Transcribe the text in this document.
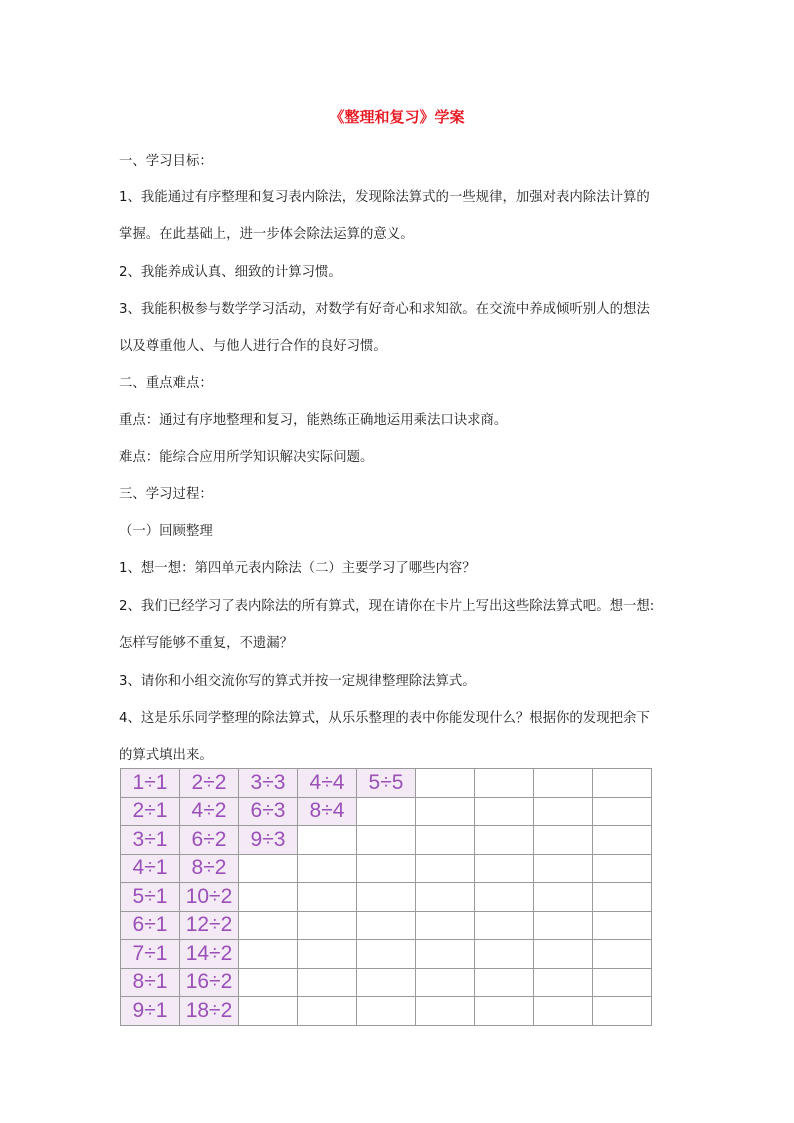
《整理和复习》学案
一、学习目标：
1、我能通过有序整理和复习表内除法，发现除法算式的一些规律，加强对表内除法计算的
掌握。在此基础上，进一步体会除法运算的意义。
2、我能养成认真、细致的计算习惯。
3、我能积极参与数学学习活动，对数学有好奇心和求知欲。在交流中养成倾听别人的想法
以及尊重他人、与他人进行合作的良好习惯。
二、重点难点：
重点：通过有序地整理和复习，能熟练正确地运用乘法口诀求商。
难点：能综合应用所学知识解决实际问题。
三、学习过程：
（一）回顾整理
1、想一想：第四单元表内除法（二）主要学习了哪些内容？
2、我们已经学习了表内除法的所有算式，现在请你在卡片上写出这些除法算式吧。想一想:
怎样写能够不重复，不遗漏？
3、请你和小组交流你写的算式并按一定规律整理除法算式。
4、这是乐乐同学整理的除法算式，从乐乐整理的表中你能发现什么？根据你的发现把余下
的算式填出来。
1÷1	2÷2	3÷3	4÷4	5÷5				
2÷1	4÷2	6÷3	8÷4					
3÷1	6÷2	9÷3						
4÷1	8÷2							
5÷1	10÷2							
6÷1	12÷2							
7÷1	14÷2							
8÷1	16÷2							
9÷1	18÷2							
